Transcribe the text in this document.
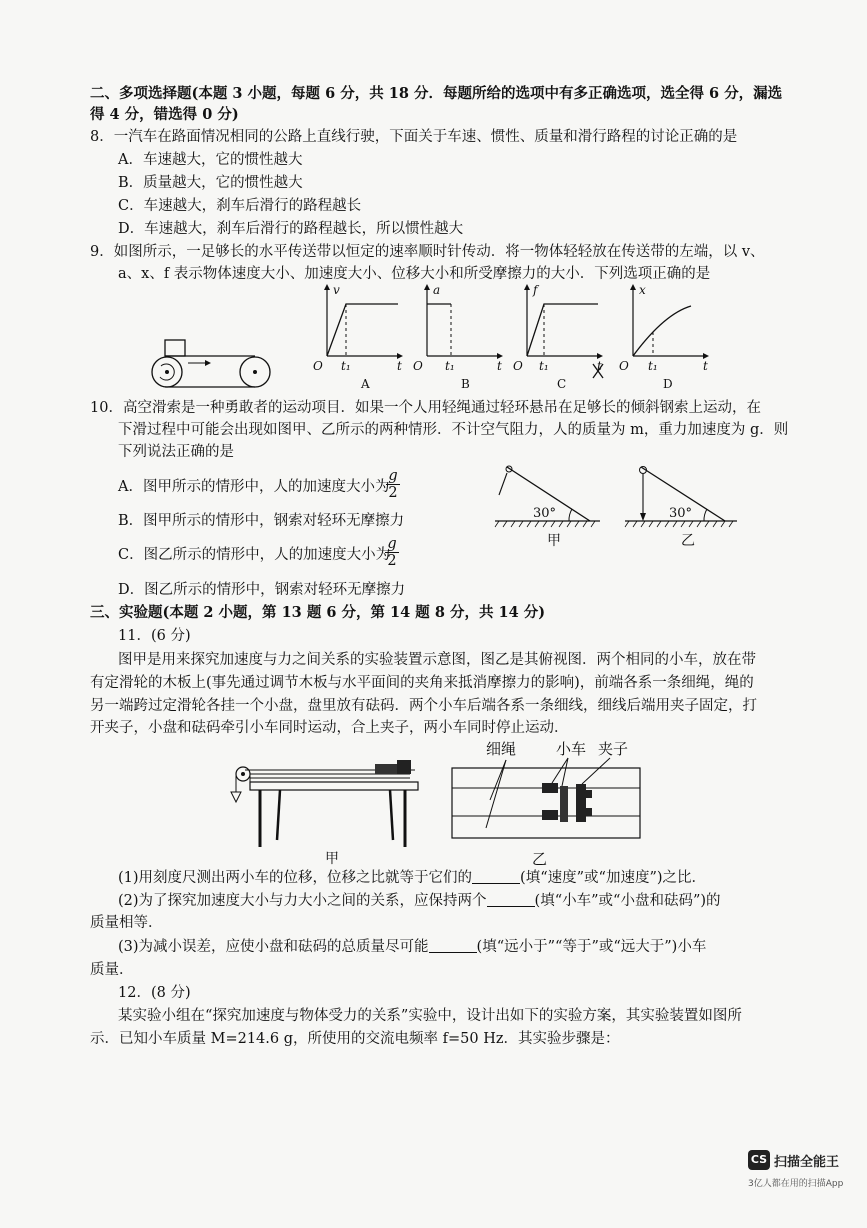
二、多项选择题(本题 3 小题，每题 6 分，共 18 分．每题所给的选项中有多正确选项，选全得 6 分，漏选
得 4 分，错选得 0 分)
8．一汽车在路面情况相同的公路上直线行驶，下面关于车速、惯性、质量和滑行路程的讨论正确的是
A．车速越大，它的惯性越大
B．质量越大，它的惯性越大
C．车速越大，刹车后滑行的路程越长
D．车速越大，刹车后滑行的路程越长，所以惯性越大
9．如图所示，一足够长的水平传送带以恒定的速率顺时针传动．将一物体轻轻放在传送带的左端，以 v、
a、x、f 表示物体速度大小、加速度大小、位移大小和所受摩擦力的大小．下列选项正确的是
v
O t₁	t
A
a
O t₁	t
B
f
O t₁	t
C
x
O t₁	t
D
10．高空滑索是一种勇敢者的运动项目．如果一个人用轻绳通过轻环悬吊在足够长的倾斜钢索上运动，在
下滑过程中可能会出现如图甲、乙所示的两种情形．不计空气阻力，人的质量为 m，重力加速度为 g．则
下列说法正确的是
A．图甲所示的情形中，人的加速度大小为
$\frac{g}{2}$
B．图甲所示的情形中，钢索对轻环无摩擦力
C．图乙所示的情形中，人的加速度大小为
$\frac{g}{2}$
D．图乙所示的情形中，钢索对轻环无摩擦力
30°
甲
30°
乙
三、实验题(本题 2 小题，第 13 题 6 分，第 14 题 8 分，共 14 分)
11．(6 分)
图甲是用来探究加速度与力之间关系的实验装置示意图，图乙是其俯视图．两个相同的小车，放在带
有定滑轮的木板上(事先通过调节木板与水平面间的夹角来抵消摩擦力的影响)，前端各系一条细绳，绳的
另一端跨过定滑轮各挂一个小盘，盘里放有砝码．两个小车后端各系一条细线，细线后端用夹子固定，打
开夹子，小盘和砝码牵引小车同时运动，合上夹子，两小车同时停止运动．
甲
细绳	小车 夹子
乙
(1)用刻度尺测出两小车的位移，位移之比就等于它们的	(填“速度”或“加速度”)之比．
(2)为了探究加速度大小与力大小之间的关系，应保持两个	(填“小车”或“小盘和砝码”)的
质量相等．
(3)为减小误差，应使小盘和砝码的总质量尽可能	(填“远小于”“等于”或“远大于”)小车
质量．
12．(8 分)
某实验小组在“探究加速度与物体受力的关系”实验中，设计出如下的实验方案，其实验装置如图所
示．已知小车质量 M=214.6 g，所使用的交流电频率 f=50 Hz．其实验步骤是：
CS 扫描全能王
3亿人都在用的扫描App
